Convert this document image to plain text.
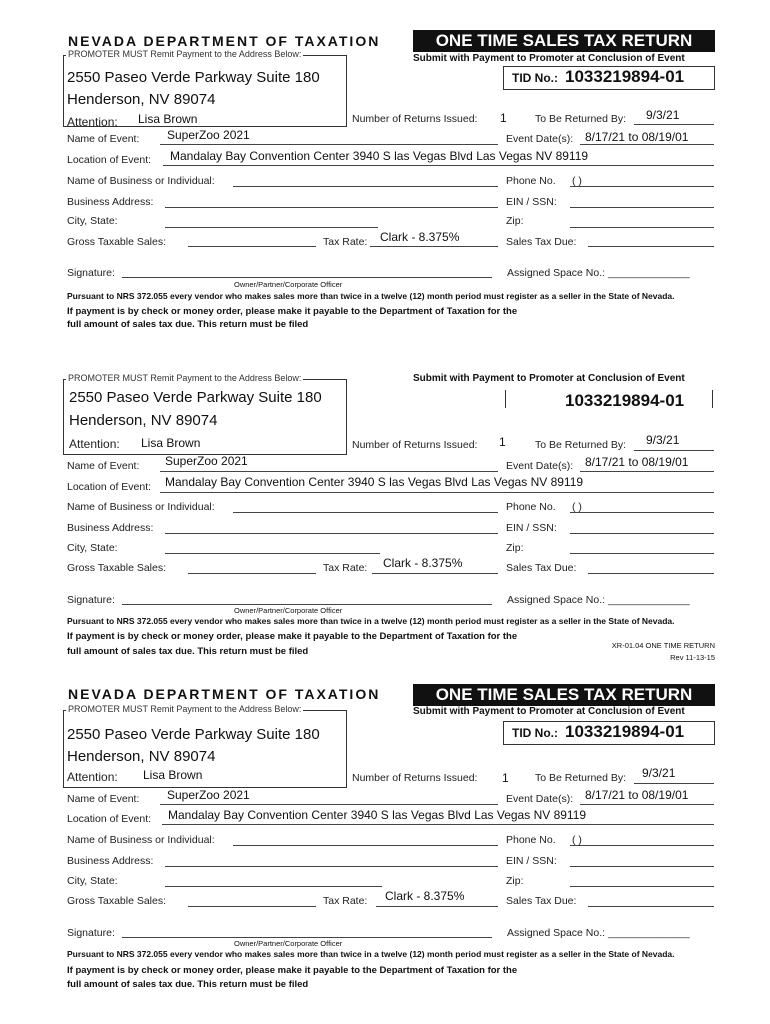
NEVADA DEPARTMENT OF TAXATION	ONE TIME SALES TAX RETURN
Submit with Payment to Promoter at Conclusion of Event
PROMOTER MUST Remit Payment to the Address Below:
2550 Paseo Verde Parkway Suite 180
Henderson, NV 89074
Attention: Lisa Brown
TID No.: 1033219894-01
Number of Returns Issued: 1	To Be Returned By: 9/3/21
Name of Event: SuperZoo 2021	Event Date(s): 8/17/21 to 08/19/01
Location of Event: Mandalay Bay Convention Center 3940 S las Vegas Blvd Las Vegas NV 89119
Name of Business or Individual:	Phone No. ( )
Business Address:	EIN / SSN:
City, State:	Zip:
Gross Taxable Sales:	Tax Rate: Clark - 8.375%	Sales Tax Due:
Signature:
Owner/Partner/Corporate Officer
Assigned Space No.: ______________
Pursuant to NRS 372.055 every vendor who makes sales more than twice in a twelve (12) month period must register as a seller in the State of Nevada.
If payment is by check or money order, please make it payable to the Department of Taxation for the
full amount of sales tax due. This return must be filed
PROMOTER MUST Remit Payment to the Address Below:	Submit with Payment to Promoter at Conclusion of Event
2550 Paseo Verde Parkway Suite 180
Henderson, NV 89074
Attention: Lisa Brown
1033219894-01
Number of Returns Issued: 1	To Be Returned By: 9/3/21
Name of Event: SuperZoo 2021	Event Date(s): 8/17/21 to 08/19/01
Location of Event: Mandalay Bay Convention Center 3940 S las Vegas Blvd Las Vegas NV 89119
Name of Business or Individual:	Phone No. ( )
Business Address:	EIN / SSN:
City, State:	Zip:
Gross Taxable Sales:	Tax Rate: Clark - 8.375%	Sales Tax Due:
Signature:
Owner/Partner/Corporate Officer
Assigned Space No.: ______________
Pursuant to NRS 372.055 every vendor who makes sales more than twice in a twelve (12) month period must register as a seller in the State of Nevada.
If payment is by check or money order, please make it payable to the Department of Taxation for the
full amount of sales tax due. This return must be filed
XR-01.04 ONE TIME RETURN
Rev 11-13-15
NEVADA DEPARTMENT OF TAXATION	ONE TIME SALES TAX RETURN
Submit with Payment to Promoter at Conclusion of Event
PROMOTER MUST Remit Payment to the Address Below:
2550 Paseo Verde Parkway Suite 180
Henderson, NV 89074
Attention: Lisa Brown
TID No.: 1033219894-01
Number of Returns Issued: 1	To Be Returned By: 9/3/21
Name of Event: SuperZoo 2021	Event Date(s): 8/17/21 to 08/19/01
Location of Event: Mandalay Bay Convention Center 3940 S las Vegas Blvd Las Vegas NV 89119
Name of Business or Individual:	Phone No. ( )
Business Address:	EIN / SSN:
City, State:	Zip:
Gross Taxable Sales:	Tax Rate: Clark - 8.375%	Sales Tax Due:
Signature:
Owner/Partner/Corporate Officer
Assigned Space No.: ______________
Pursuant to NRS 372.055 every vendor who makes sales more than twice in a twelve (12) month period must register as a seller in the State of Nevada.
If payment is by check or money order, please make it payable to the Department of Taxation for the
full amount of sales tax due. This return must be filed
